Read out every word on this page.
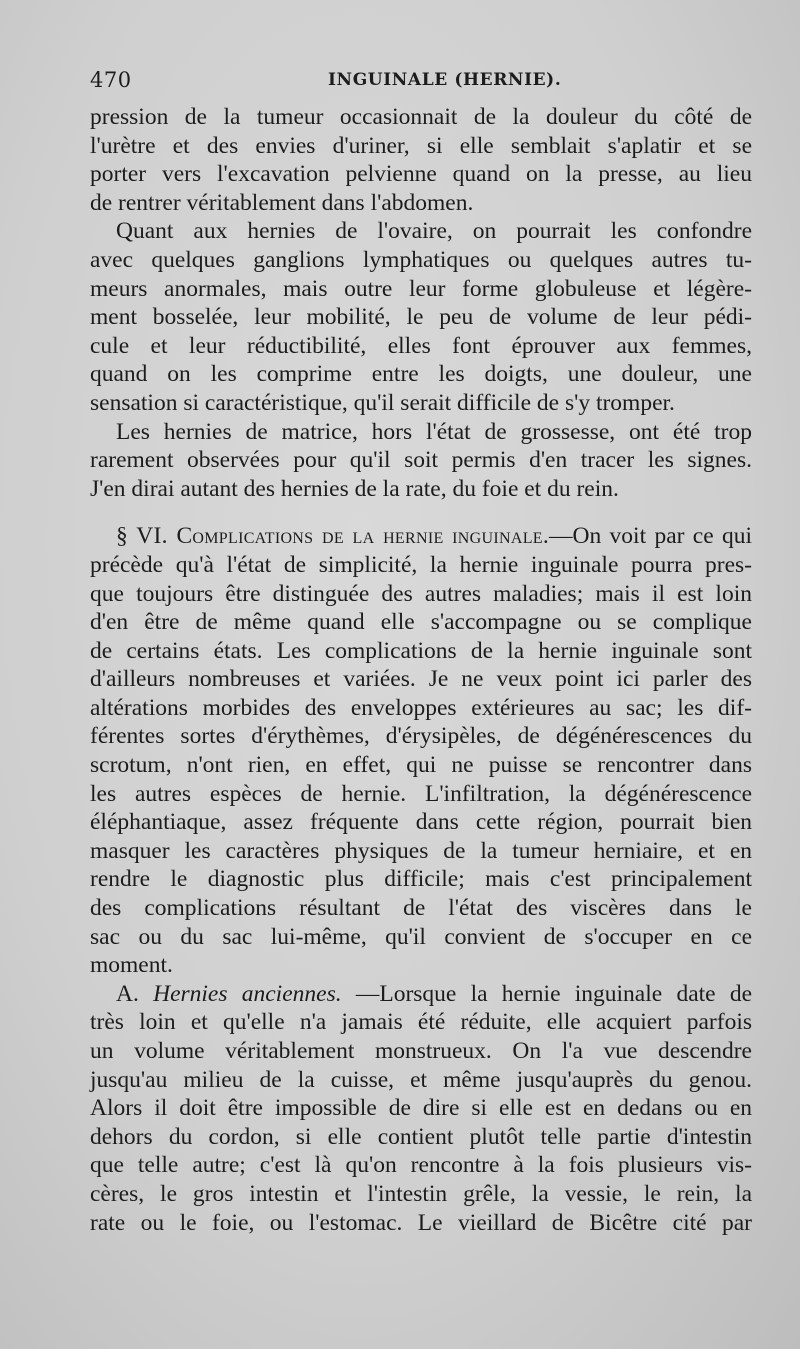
470	INGUINALE (HERNIE).
pression de la tumeur occasionnait de la douleur du côté de
l'urètre et des envies d'uriner, si elle semblait s'aplatir et se
porter vers l'excavation pelvienne quand on la presse, au lieu
de rentrer véritablement dans l'abdomen.
Quant aux hernies de l'ovaire, on pourrait les confondre
avec quelques ganglions lymphatiques ou quelques autres tu-
meurs anormales, mais outre leur forme globuleuse et légère-
ment bosselée, leur mobilité, le peu de volume de leur pédi-
cule et leur réductibilité, elles font éprouver aux femmes,
quand on les comprime entre les doigts, une douleur, une
sensation si caractéristique, qu'il serait difficile de s'y tromper.
Les hernies de matrice, hors l'état de grossesse, ont été trop
rarement observées pour qu'il soit permis d'en tracer les signes.
J'en dirai autant des hernies de la rate, du foie et du rein.
§ VI. Complications de la hernie inguinale.—On voit par ce qui
précède qu'à l'état de simplicité, la hernie inguinale pourra pres-
que toujours être distinguée des autres maladies; mais il est loin
d'en être de même quand elle s'accompagne ou se complique
de certains états. Les complications de la hernie inguinale sont
d'ailleurs nombreuses et variées. Je ne veux point ici parler des
altérations morbides des enveloppes extérieures au sac; les dif-
férentes sortes d'érythèmes, d'érysipèles, de dégénérescences du
scrotum, n'ont rien, en effet, qui ne puisse se rencontrer dans
les autres espèces de hernie. L'infiltration, la dégénérescence
éléphantiaque, assez fréquente dans cette région, pourrait bien
masquer les caractères physiques de la tumeur herniaire, et en
rendre le diagnostic plus difficile; mais c'est principalement
des complications résultant de l'état des viscères dans le
sac ou du sac lui-même, qu'il convient de s'occuper en ce
moment.
A. Hernies anciennes. —Lorsque la hernie inguinale date de
très loin et qu'elle n'a jamais été réduite, elle acquiert parfois
un volume véritablement monstrueux. On l'a vue descendre
jusqu'au milieu de la cuisse, et même jusqu'auprès du genou.
Alors il doit être impossible de dire si elle est en dedans ou en
dehors du cordon, si elle contient plutôt telle partie d'intestin
que telle autre; c'est là qu'on rencontre à la fois plusieurs vis-
cères, le gros intestin et l'intestin grêle, la vessie, le rein, la
rate ou le foie, ou l'estomac. Le vieillard de Bicêtre cité par
